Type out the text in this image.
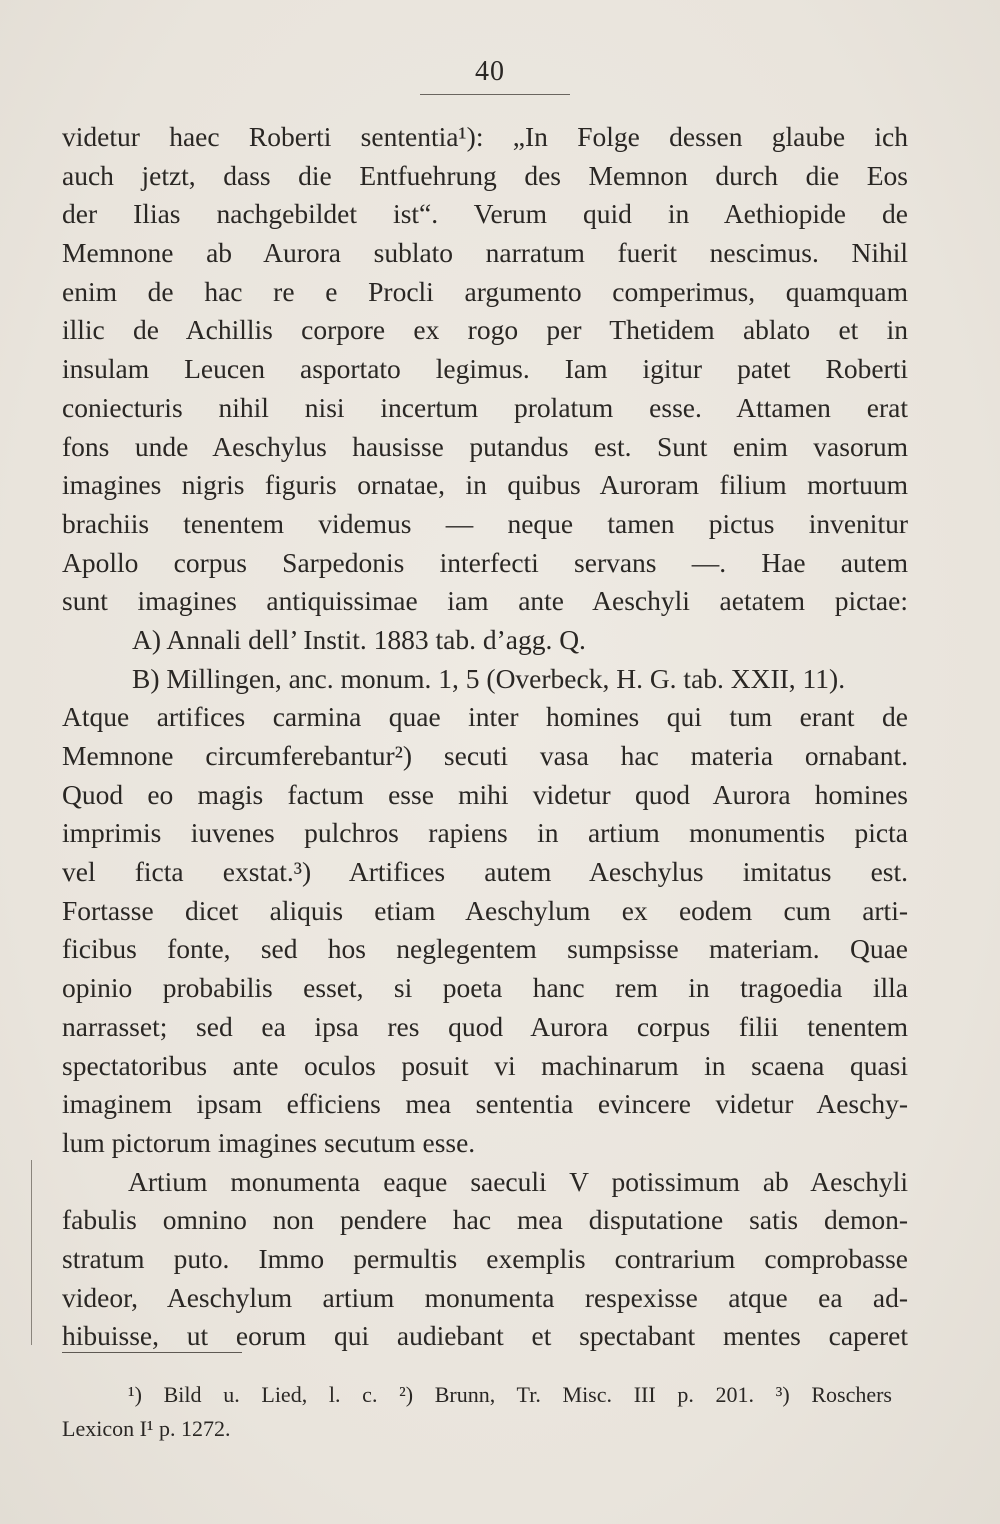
40
videtur haec Roberti sententia¹): „In Folge dessen glaube ich
auch jetzt, dass die Entfuehrung des Memnon durch die Eos
der Ilias nachgebildet ist“. Verum quid in Aethiopide de
Memnone ab Aurora sublato narratum fuerit nescimus. Nihil
enim de hac re e Procli argumento comperimus, quamquam
illic de Achillis corpore ex rogo per Thetidem ablato et in
insulam Leucen asportato legimus. Iam igitur patet Roberti
coniecturis nihil nisi incertum prolatum esse. Attamen erat
fons unde Aeschylus hausisse putandus est. Sunt enim vasorum
imagines nigris figuris ornatae, in quibus Auroram filium mortuum
brachiis tenentem videmus — neque tamen pictus invenitur
Apollo corpus Sarpedonis interfecti servans —. Hae autem
sunt imagines antiquissimae iam ante Aeschyli aetatem pictae:
A) Annali dell’ Instit. 1883 tab. d’agg. Q.
B) Millingen, anc. monum. 1, 5 (Overbeck, H. G. tab. XXII, 11).
Atque artifices carmina quae inter homines qui tum erant de
Memnone circumferebantur²) secuti vasa hac materia ornabant.
Quod eo magis factum esse mihi videtur quod Aurora homines
imprimis iuvenes pulchros rapiens in artium monumentis picta
vel ficta exstat.³) Artifices autem Aeschylus imitatus est.
Fortasse dicet aliquis etiam Aeschylum ex eodem cum arti-
ficibus fonte, sed hos neglegentem sumpsisse materiam. Quae
opinio probabilis esset, si poeta hanc rem in tragoedia illa
narrasset; sed ea ipsa res quod Aurora corpus filii tenentem
spectatoribus ante oculos posuit vi machinarum in scaena quasi
imaginem ipsam efficiens mea sententia evincere videtur Aeschy-
lum pictorum imagines secutum esse.
Artium monumenta eaque saeculi V potissimum ab Aeschyli
fabulis omnino non pendere hac mea disputatione satis demon-
stratum puto. Immo permultis exemplis contrarium comprobasse
videor, Aeschylum artium monumenta respexisse atque ea ad-
hibuisse, ut eorum qui audiebant et spectabant mentes caperet
¹) Bild u. Lied, l. c. ²) Brunn, Tr. Misc. III p. 201. ³) Roschers
Lexicon I¹ p. 1272.
